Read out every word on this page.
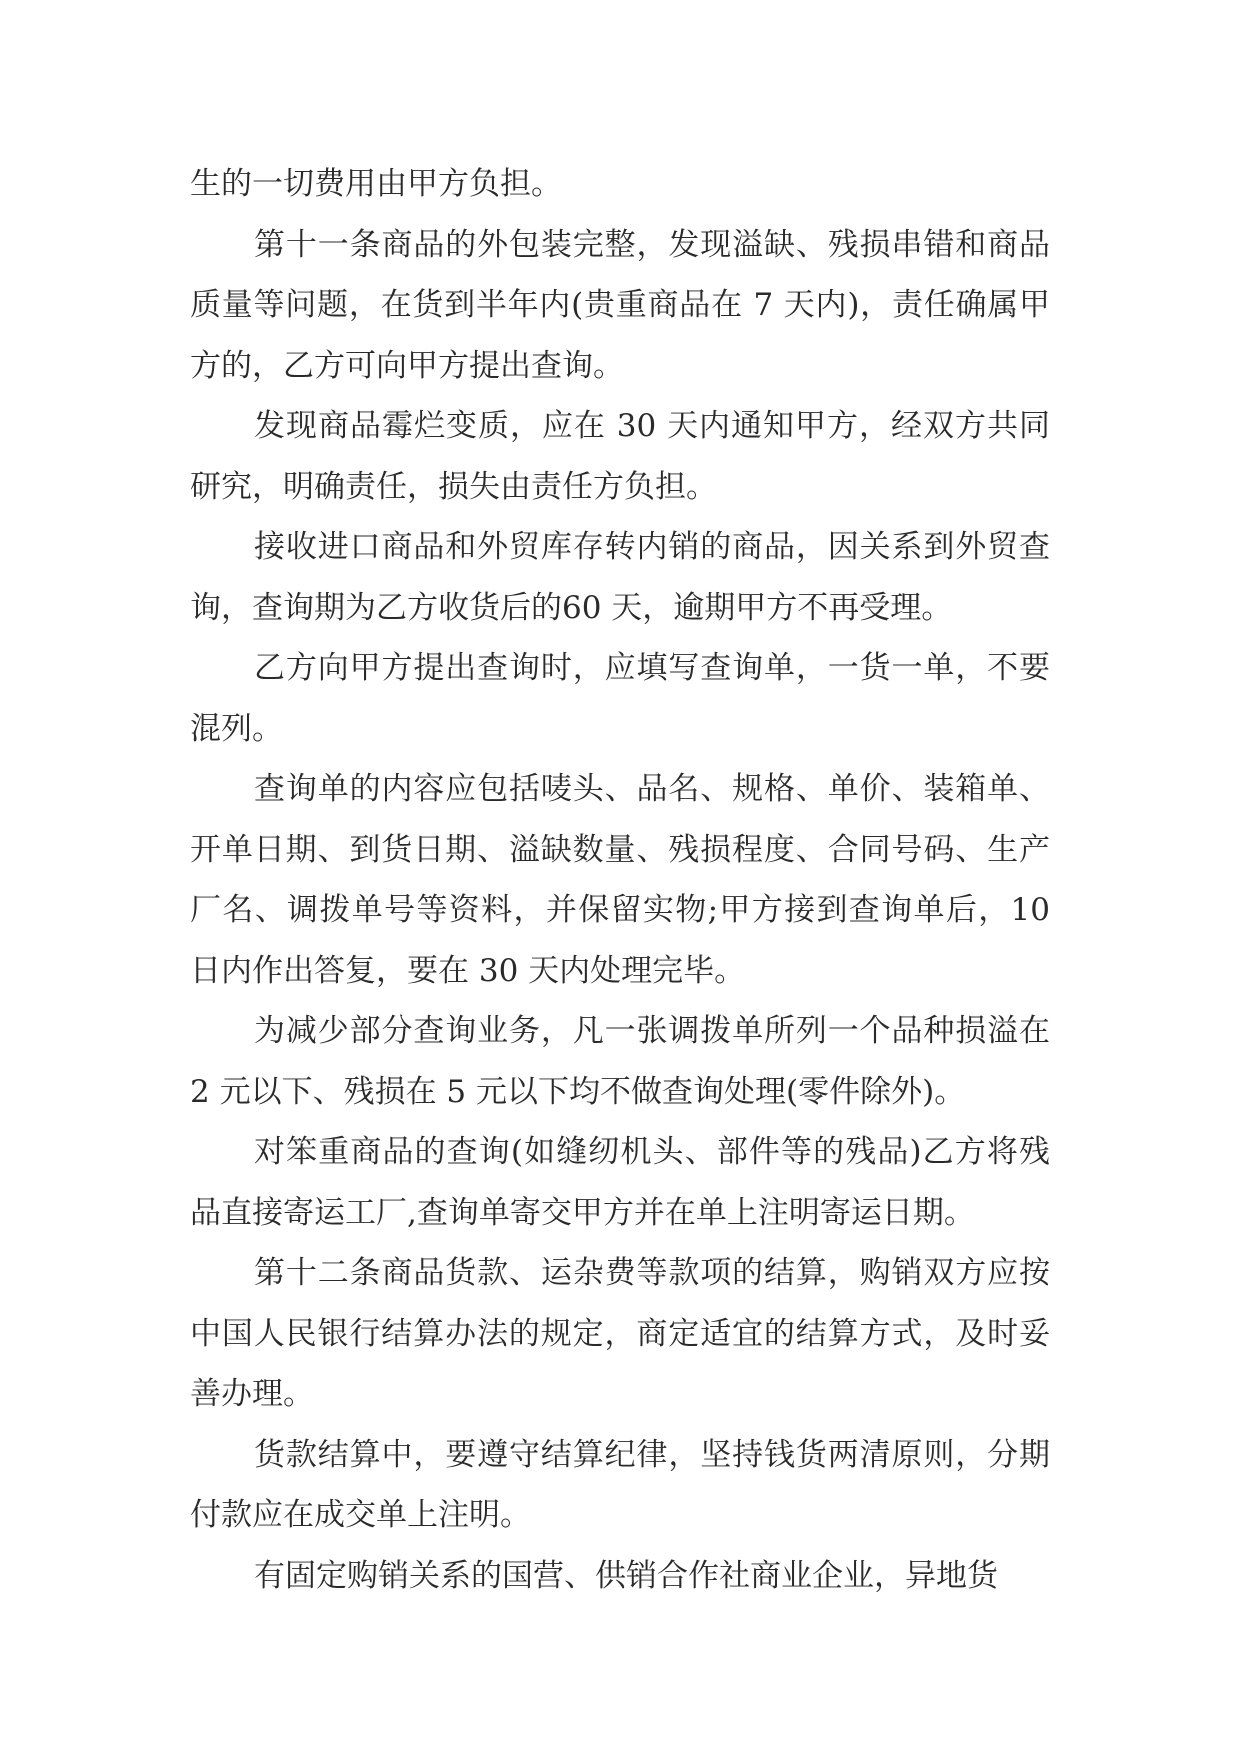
生的一切费用由甲方负担。

第十一条商品的外包装完整，发现溢缺、残损串错和商品质量等问题，在货到半年内(贵重商品在 7 天内)，责任确属甲方的，乙方可向甲方提出查询。

发现商品霉烂变质，应在 30 天内通知甲方，经双方共同研究，明确责任，损失由责任方负担。

接收进口商品和外贸库存转内销的商品，因关系到外贸查询，查询期为乙方收货后的60 天，逾期甲方不再受理。

乙方向甲方提出查询时，应填写查询单，一货一单，不要混列。

查询单的内容应包括唛头、品名、规格、单价、装箱单、开单日期、到货日期、溢缺数量、残损程度、合同号码、生产厂名、调拨单号等资料，并保留实物;甲方接到查询单后，10 日内作出答复，要在 30 天内处理完毕。

为减少部分查询业务，凡一张调拨单所列一个品种损溢在 2 元以下、残损在 5 元以下均不做查询处理(零件除外)。

对笨重商品的查询(如缝纫机头、部件等的残品)乙方将残品直接寄运工厂,查询单寄交甲方并在单上注明寄运日期。

第十二条商品货款、运杂费等款项的结算，购销双方应按中国人民银行结算办法的规定，商定适宜的结算方式，及时妥善办理。

货款结算中，要遵守结算纪律，坚持钱货两清原则，分期付款应在成交单上注明。

有固定购销关系的国营、供销合作社商业企业，异地货
